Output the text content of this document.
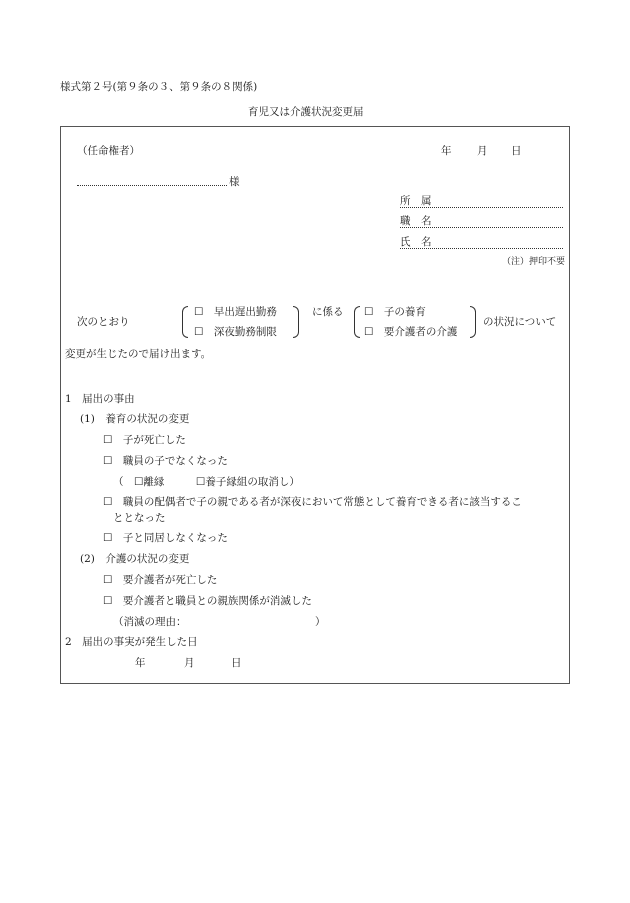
様式第２号(第９条の３、第９条の８関係)
育児又は介護状況変更届
（任命権者）	年 月 日
様
所　属
職　名
氏　名
（注）押印不要
次のとおり
☐　早出遅出勤務
☐　深夜勤務制限
に係る ☐　子の養育
☐　要介護者の介護
の状況について
変更が生じたので届け出ます。
1　届出の事由
(1)　養育の状況の変更
☐　子が死亡した
☐　職員の子でなくなった
（　☐離縁　　　☐養子縁組の取消し）
☐　職員の配偶者で子の親である者が深夜において常態として養育できる者に該当するこ
ととなった
☐　子と同居しなくなった
(2)　介護の状況の変更
☐　要介護者が死亡した
☐　要介護者と職員との親族関係が消滅した
（消滅の理由：	）
2　届出の事実が発生した日
年	月	日
